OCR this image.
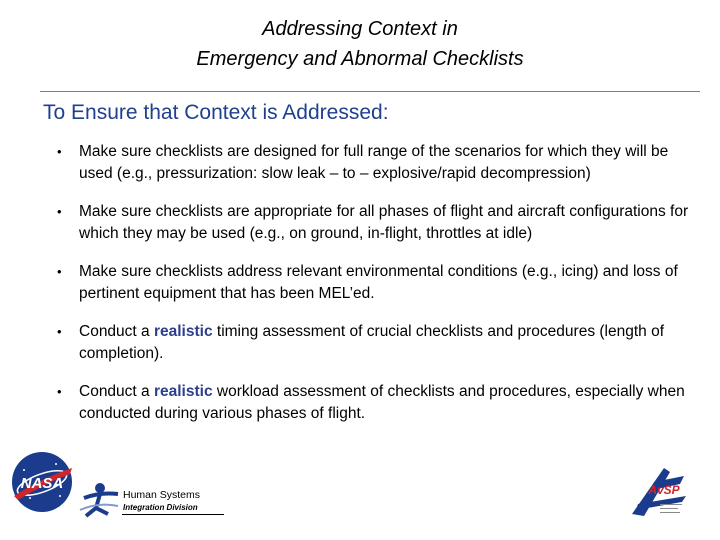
Addressing Context in
Emergency and Abnormal Checklists
To Ensure that Context is Addressed:
• Make sure checklists are designed for full range of the scenarios for which they will be used (e.g., pressurization: slow leak – to – explosive/rapid decompression)
• Make sure checklists are appropriate for all phases of flight and aircraft configurations for which they may be used (e.g., on ground, in-flight, throttles at idle)
• Make sure checklists address relevant environmental conditions (e.g., icing) and loss of pertinent equipment that has been MEL’ed.
• Conduct a realistic timing assessment of crucial checklists and procedures (length of completion).
• Conduct a realistic workload assessment of checklists and procedures, especially when conducted during various phases of flight.
NASA
Human Systems
Integration Division
AvSP
